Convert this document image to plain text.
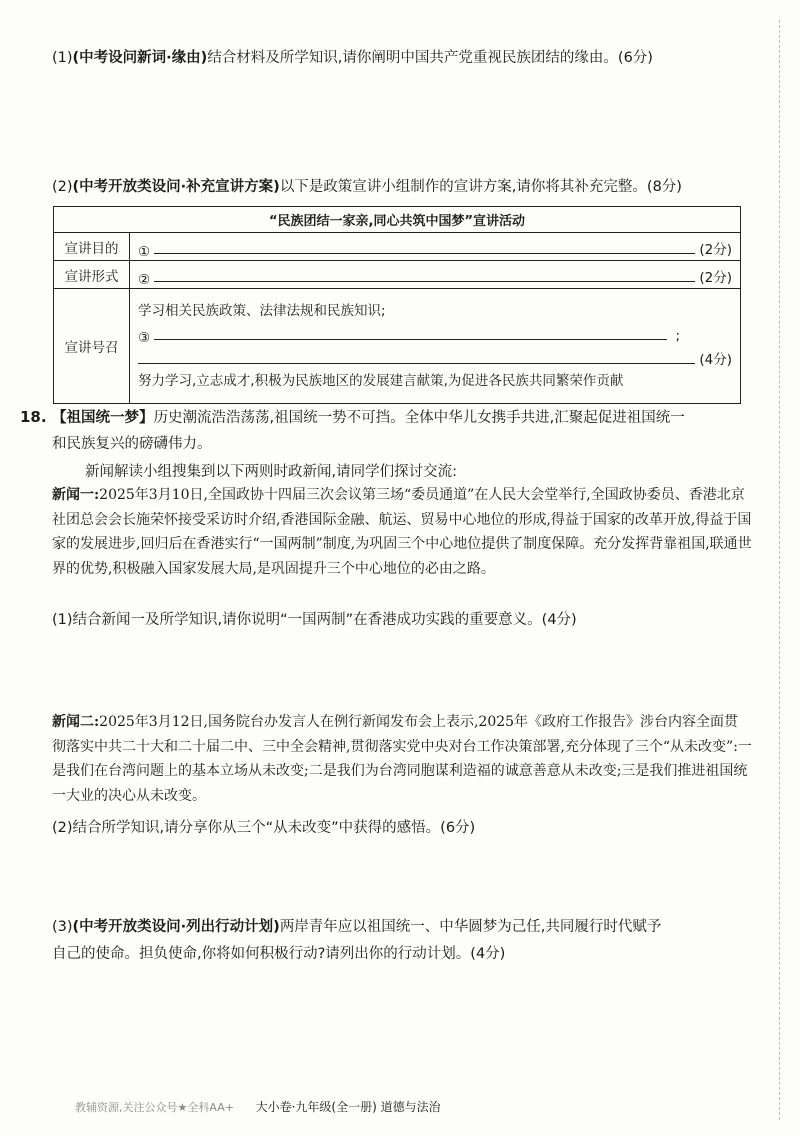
(1)(中考设问新词·缘由)结合材料及所学知识,请你阐明中国共产党重视民族团结的缘由。(6分)
(2)(中考开放类设问·补充宣讲方案)以下是政策宣讲小组制作的宣讲方案,请你将其补充完整。(8分)
“民族团结一家亲,同心共筑中国梦”宣讲活动	
宣讲目的	① (2分)

宣讲形式	② (2分)

宣讲号召	学习相关民族政策、法律法规和民族知识;
③ ;
(4分)
努力学习,立志成才,积极为民族地区的发展建言献策,为促进各民族共同繁荣作贡献
18. 【祖国统一梦】历史潮流浩浩荡荡,祖国统一势不可挡。全体中华儿女携手共进,汇聚起促进祖国统一
和民族复兴的磅礴伟力。
新闻解读小组搜集到以下两则时政新闻,请同学们探讨交流:
新闻一:2025年3月10日,全国政协十四届三次会议第三场“委员通道”在人民大会堂举行,全国政协委员、香港北京社团总会会长施荣怀接受采访时介绍,香港国际金融、航运、贸易中心地位的形成,得益于国家的改革开放,得益于国家的发展进步,回归后在香港实行“一国两制”制度,为巩固三个中心地位提供了制度保障。充分发挥背靠祖国,联通世界的优势,积极融入国家发展大局,是巩固提升三个中心地位的必由之路。
(1)结合新闻一及所学知识,请你说明“一国两制”在香港成功实践的重要意义。(4分)
新闻二:2025年3月12日,国务院台办发言人在例行新闻发布会上表示,2025年《政府工作报告》涉台内容全面贯彻落实中共二十大和二十届二中、三中全会精神,贯彻落实党中央对台工作决策部署,充分体现了三个“从未改变”:一是我们在台湾问题上的基本立场从未改变;二是我们为台湾同胞谋利造福的诚意善意从未改变;三是我们推进祖国统一大业的决心从未改变。
(2)结合所学知识,请分享你从三个“从未改变”中获得的感悟。(6分)
(3)(中考开放类设问·列出行动计划)两岸青年应以祖国统一、中华圆梦为己任,共同履行时代赋予
自己的使命。担负使命,你将如何积极行动?请列出你的行动计划。(4分)
教辅资源,关注公众号★全科AA+ 大小卷·九年级(全一册) 道德与法治
